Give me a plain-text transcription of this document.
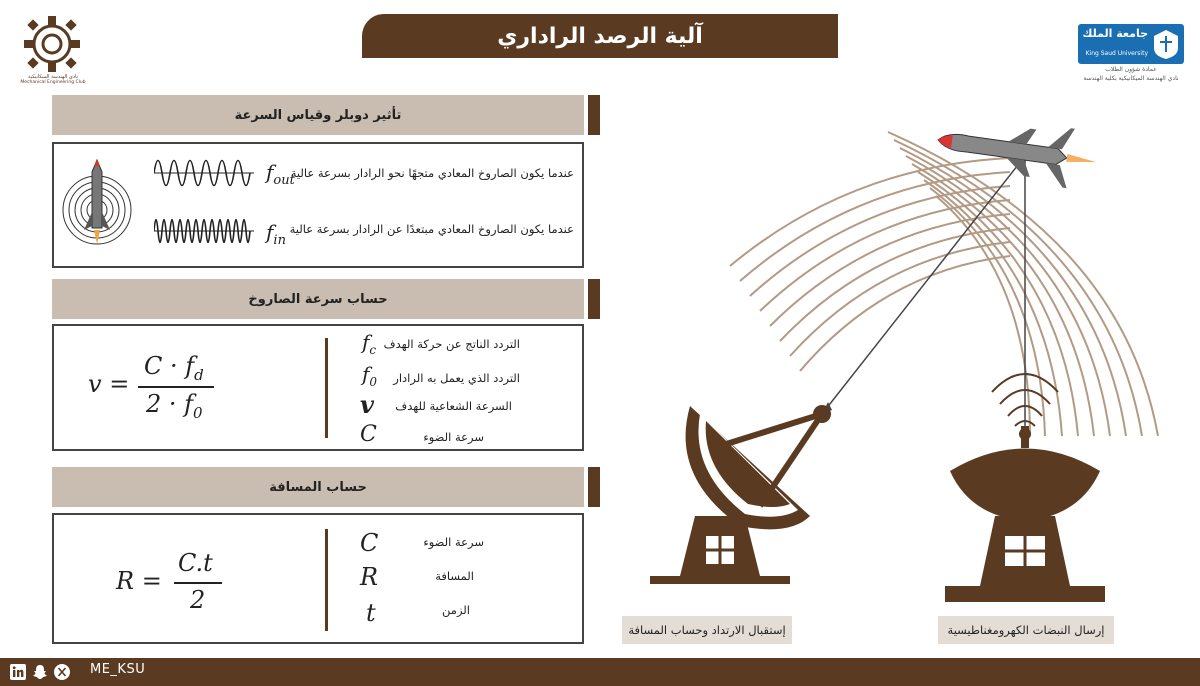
نادي الهندسة الميكانيكية
Mechanical Engineering Club
آلية الرصد الراداري	جامعة الملك سعود
King Saud University
عمادة شؤون الطلاب
نادي الهندسة الميكانيكية بكلية الهندسة
تأثير دوبلر وقياس السرعة
$f_{out}$
$f_{in}$
عندما يكون الصاروخ المعادي متجهًا نحو الرادار بسرعة عالية
عندما يكون الصاروخ المعادي مبتعدًا عن الرادار بسرعة عالية
حساب سرعة الصاروخ
v =
$C \cdot f_d$
$2 \cdot f_0$
$f_c$
$f_0$
v
C
التردد الناتج عن حركة الهدف
التردد الذي يعمل به الرادار
السرعة الشعاعية للهدف
سرعة الضوء
حساب المسافة
R =
C.t
2
C
R
t
سرعة الضوء
المسافة
الزمن
إستقبال الارتداد وحساب المسافة	إرسال النبضات الكهرومغناطيسية
ME_KSU
